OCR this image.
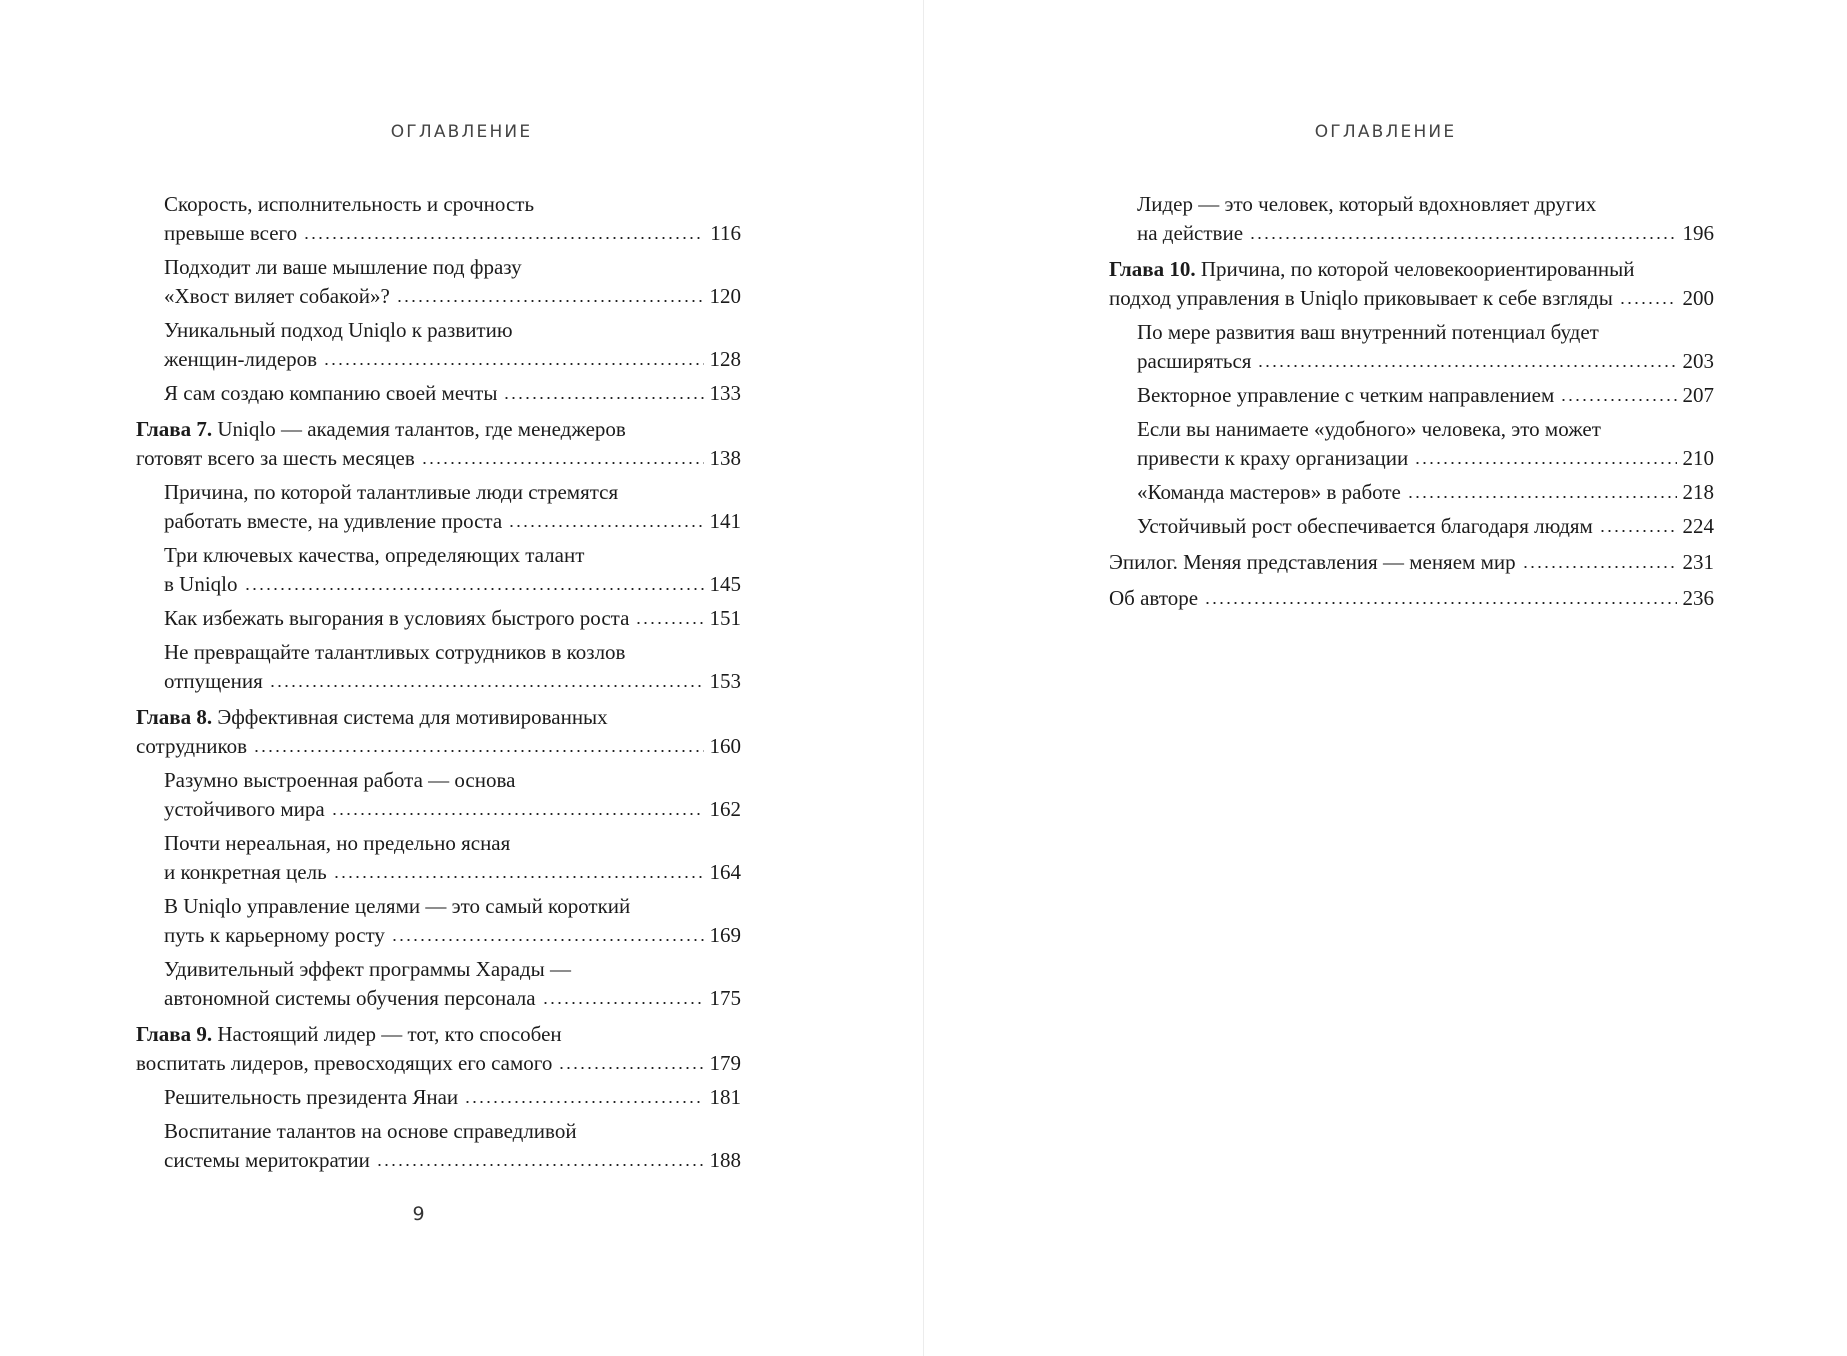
ОГЛАВЛЕНИЕ
Скорость, исполнительность и срочность
превыше всего	116
Подходит ли ваше мышление под фразу
«Хвост виляет собакой»?	120
Уникальный подход Uniqlo к развитию
женщин-лидеров	128
Я сам создаю компанию своей мечты	133
Глава 7. Uniqlo — академия талантов, где менеджеров
готовят всего за шесть месяцев	138
Причина, по которой талантливые люди стремятся
работать вместе, на удивление проста	141
Три ключевых качества, определяющих талант
в Uniqlo	145
Как избежать выгорания в условиях быстрого роста	151
Не превращайте талантливых сотрудников в козлов
отпущения	153
Глава 8. Эффективная система для мотивированных
сотрудников	160
Разумно выстроенная работа — основа
устойчивого мира	162
Почти нереальная, но предельно ясная
и конкретная цель	164
В Uniqlo управление целями — это самый короткий
путь к карьерному росту	169
Удивительный эффект программы Харады —
автономной системы обучения персонала	175
Глава 9. Настоящий лидер — тот, кто способен
воспитать лидеров, превосходящих его самого	179
Решительность президента Янаи	181
Воспитание талантов на основе справедливой
системы меритократии	188
9
ОГЛАВЛЕНИЕ
Лидер — это человек, который вдохновляет других
на действие	196
Глава 10. Причина, по которой человекоориентированный
подход управления в Uniqlo приковывает к себе взгляды	200
По мере развития ваш внутренний потенциал будет
расширяться	203
Векторное управление с четким направлением	207
Если вы нанимаете «удобного» человека, это может
привести к краху организации	210
«Команда мастеров» в работе	218
Устойчивый рост обеспечивается благодаря людям	224
Эпилог. Меняя представления — меняем мир	231
Об авторе	236
